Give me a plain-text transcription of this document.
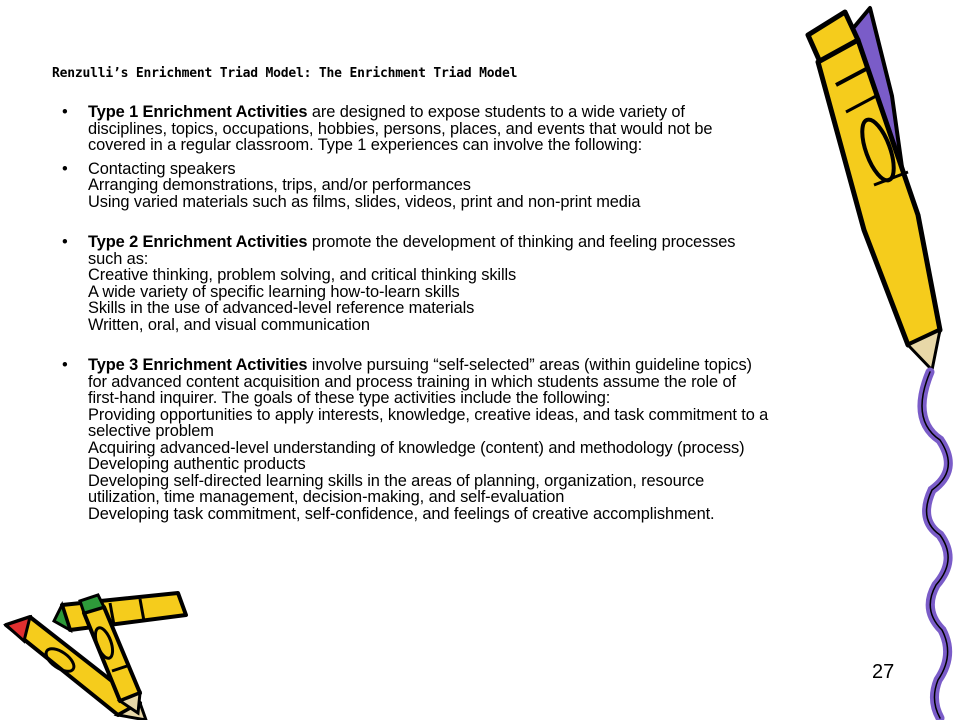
Renzulli’s Enrichment Triad Model: The Enrichment Triad Model
• Type 1 Enrichment Activities are designed to expose students to a wide variety of
disciplines, topics, occupations, hobbies, persons, places, and events that would not be
covered in a regular classroom. Type 1 experiences can involve the following:
• Contacting speakers
Arranging demonstrations, trips, and/or performances
Using varied materials such as films, slides, videos, print and non-print media
• Type 2 Enrichment Activities promote the development of thinking and feeling processes
such as:
Creative thinking, problem solving, and critical thinking skills
A wide variety of specific learning how-to-learn skills
Skills in the use of advanced-level reference materials
Written, oral, and visual communication
• Type 3 Enrichment Activities involve pursuing “self-selected” areas (within guideline topics)
for advanced content acquisition and process training in which students assume the role of
first-hand inquirer. The goals of these type activities include the following:
Providing opportunities to apply interests, knowledge, creative ideas, and task commitment to a
selective problem
Acquiring advanced-level understanding of knowledge (content) and methodology (process)
Developing authentic products
Developing self-directed learning skills in the areas of planning, organization, resource
utilization, time management, decision-making, and self-evaluation
Developing task commitment, self-confidence, and feelings of creative accomplishment.
27
